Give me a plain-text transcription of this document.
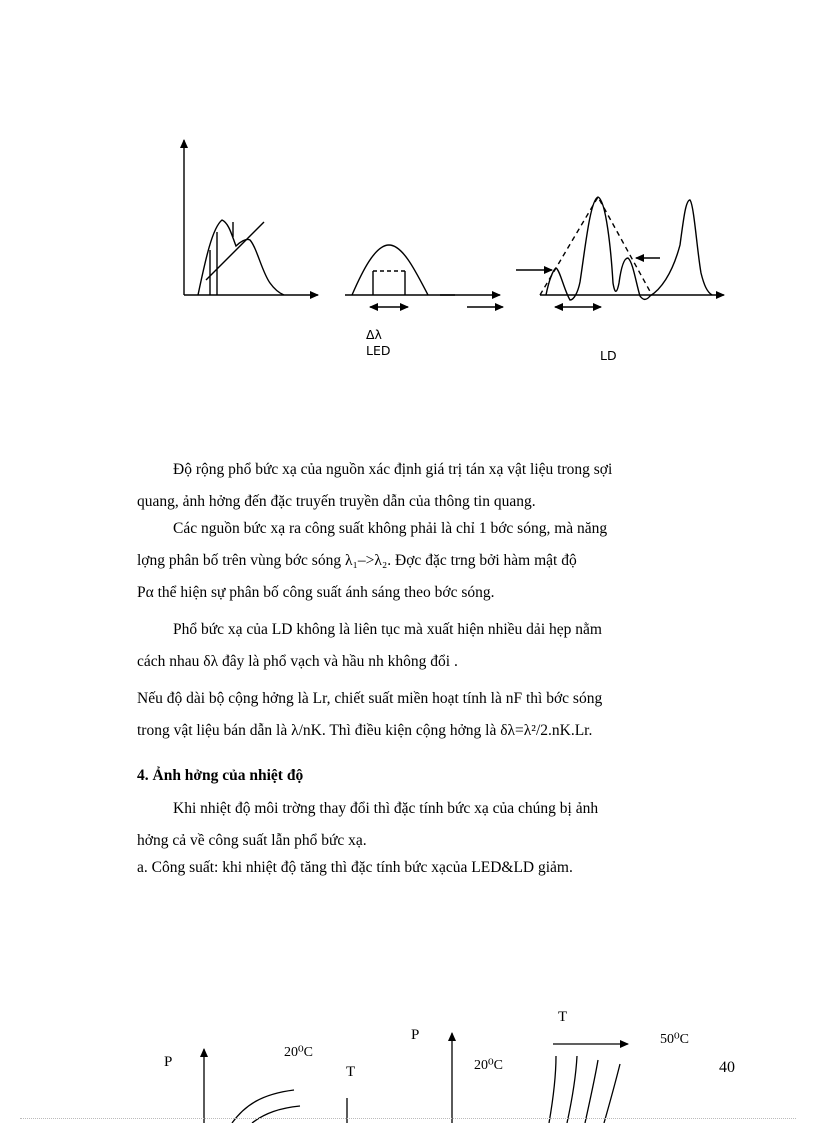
Δλ
LED	LD
Độ rộng phổ bức xạ của nguồn xác định giá trị tán xạ vật liệu trong sợi
quang, ảnh hởng đến đặc truyến truyền dẫn của thông tin quang.
Các nguồn bức xạ ra công suất không phải là chỉ 1 bớc sóng, mà năng
lợng phân bố trên vùng bớc sóng λ₁–>λ₂. Đợc đặc trng bởi hàm mật độ
Pα thể hiện sự phân bố công suất ánh sáng theo bớc sóng.
Phổ bức xạ của LD không là liên tục mà xuất hiện nhiều dải hẹp nằm
cách nhau δλ đây là phổ vạch và hầu nh không đổi .
Nếu độ dài bộ cộng hởng là Lr, chiết suất miền hoạt tính là nF thì bớc sóng
trong vật liệu bán dẫn là λ/nK. Thì điều kiện cộng hởng là δλ=λ²/2.nK.Lr.
4. Ảnh hởng của nhiệt độ
Khi nhiệt độ môi trờng thay đổi thì đặc tính bức xạ của chúng bị ảnh
hởng cả về công suất lẫn phổ bức xạ.
a. Công suất: khi nhiệt độ tăng thì đặc tính bức xạcủa LED&LD giảm.
P
20⁰C
T
P
20⁰C
T
50⁰C
40
